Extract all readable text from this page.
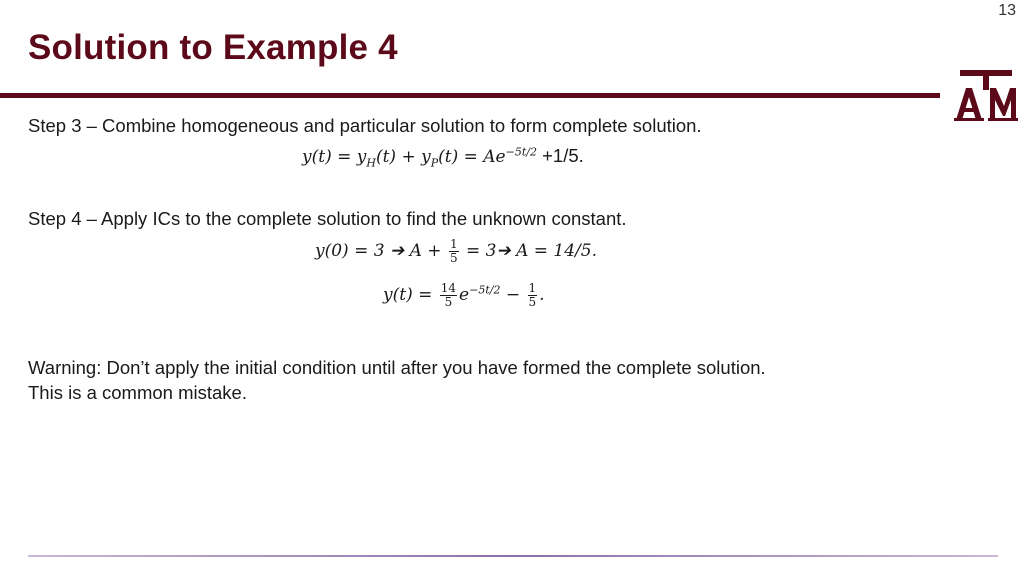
13
Solution to Example 4
Step 3 – Combine homogeneous and particular solution to form complete solution.
$y(t) = y_H(t) + y_P(t) = Ae^{-5t/2} +1/5$.
Step 4 – Apply ICs to the complete solution to find the unknown constant.
y(0) = 3 ➔ $A + \frac{1}{5}$ = 3➔ A = 14/5.
$y(t) = \frac{14}{5} e^{-5t/2} - \frac{1}{5}$ .
Warning: Don’t apply the initial condition until after you have formed the complete solution.
This is a common mistake.
